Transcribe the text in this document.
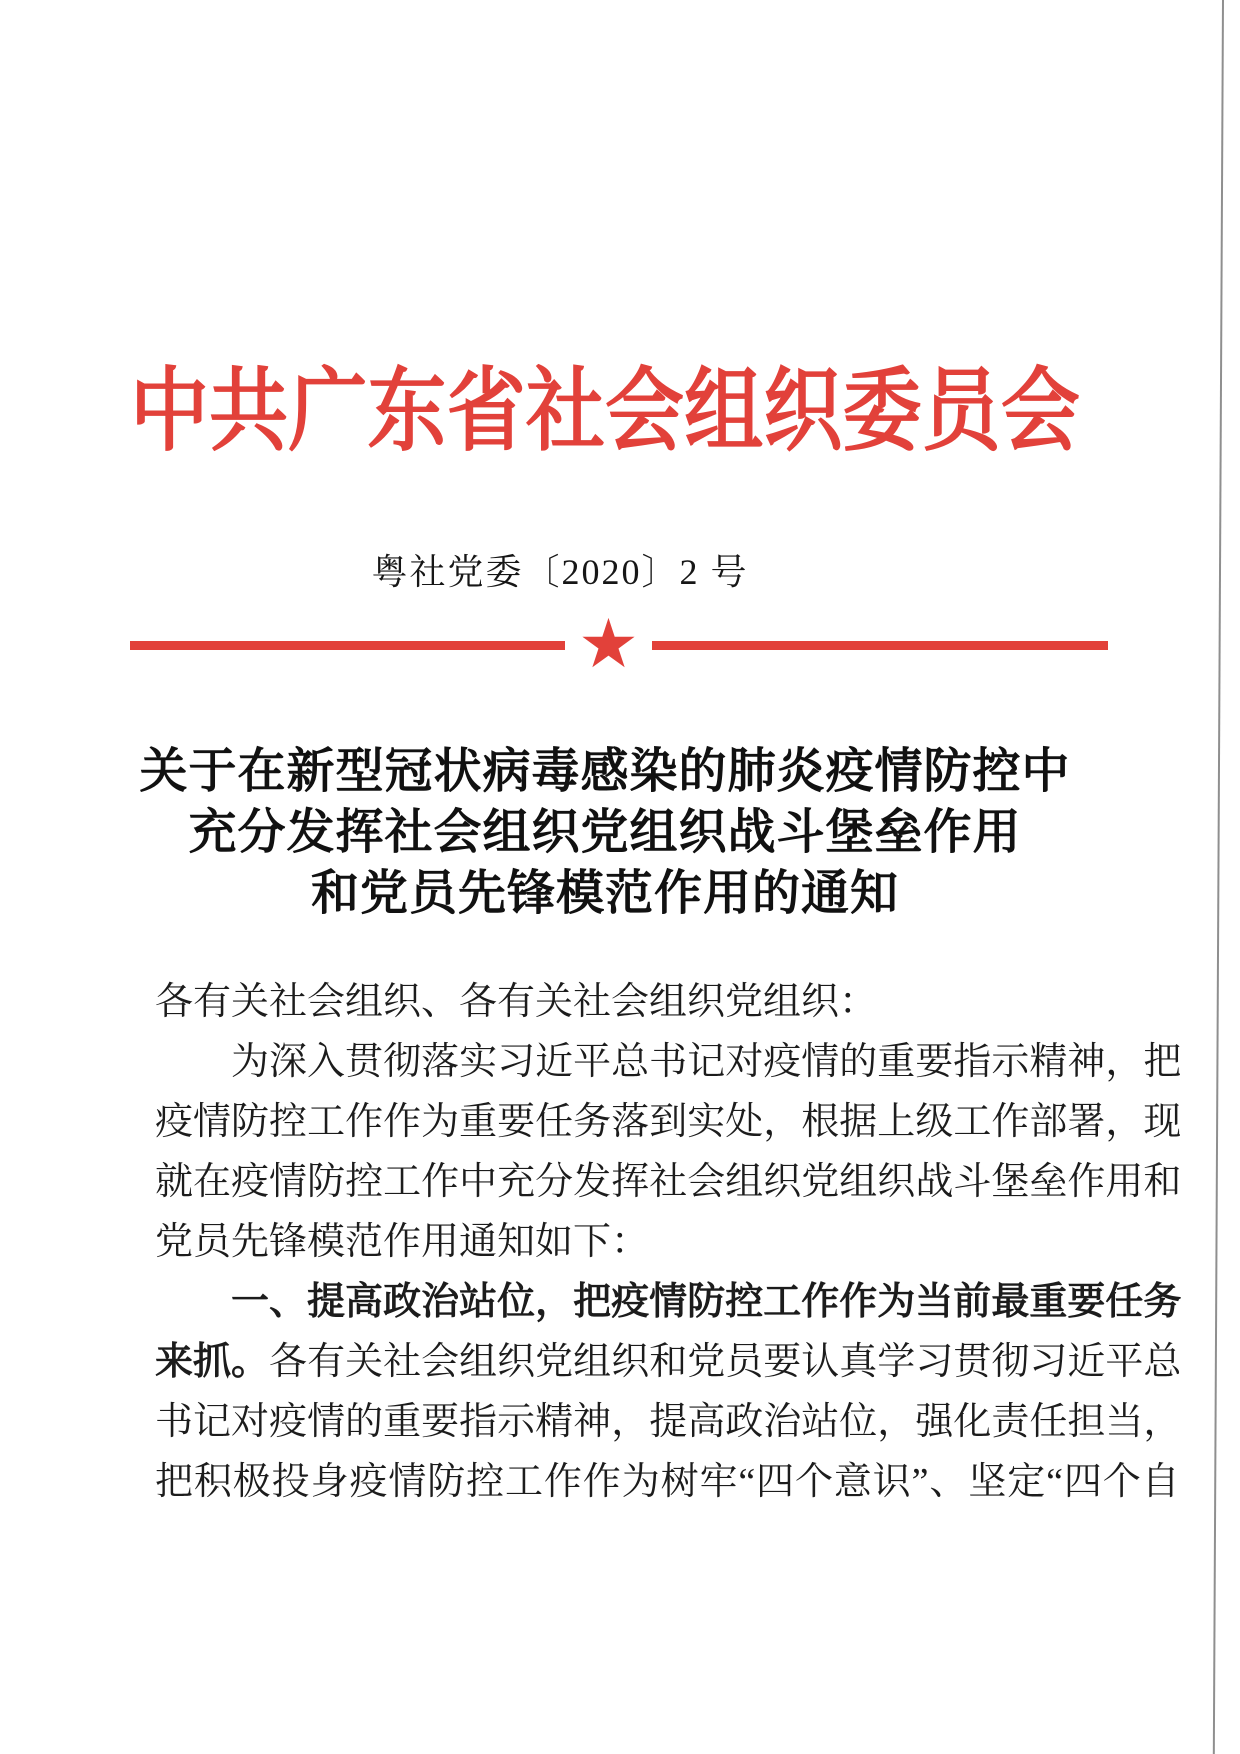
中 共 广 东 省 社 会 组 织 委 员 会
粤社党委〔2020〕2 号
★
关于在新型冠状病毒感染的肺炎疫情防控中
充分发挥社会组织党组织战斗堡垒作用
和党员先锋模范作用的通知
各有关社会组织、各有关社会组织党组织：
为 深 入 贯 彻 落 实 习 近 平 总 书 记 对 疫 情 的 重 要 指 示 精 神 ， 把
疫 情 防 控 工 作 作 为 重 要 任 务 落 到 实 处 ， 根 据 上 级 工 作 部 署 ， 现
就 在 疫 情 防 控 工 作 中 充 分 发 挥 社 会 组 织 党 组 织 战 斗 堡 垒 作 用 和
党员先锋模范作用通知如下：
一 、 提 高 政 治 站 位 ， 把 疫 情 防 控 工 作 作 为 当 前 最 重 要 任 务
来 抓 。 各 有 关 社 会 组 织 党 组 织 和 党 员 要 认 真 学 习 贯 彻 习 近 平 总
书 记 对 疫 情 的 重 要 指 示 精 神 ， 提 高 政 治 站 位 ， 强 化 责 任 担 当 ，
把 积 极 投 身 疫 情 防 控 工 作 作 为 树 牢 “ 四 个 意 识 ” 、 坚 定 “ 四 个 自
